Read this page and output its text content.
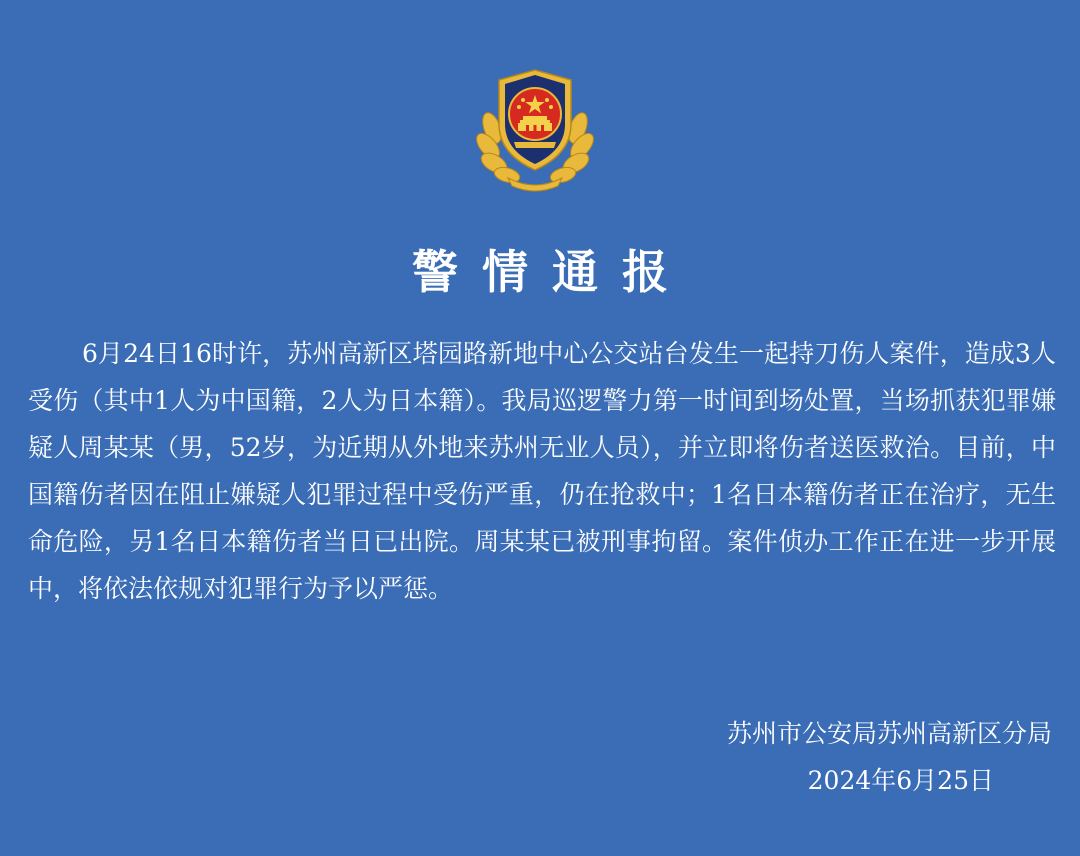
警情通报

6月24日16时许，苏州高新区塔园路新地中心公交站台发生一起持刀伤人案件，造成3人受伤（其中1人为中国籍，2人为日本籍）。我局巡逻警力第一时间到场处置，当场抓获犯罪嫌疑人周某某（男，52岁，为近期从外地来苏州无业人员），并立即将伤者送医救治。目前，中国籍伤者因在阻止嫌疑人犯罪过程中受伤严重，仍在抢救中；1名日本籍伤者正在治疗，无生命危险，另1名日本籍伤者当日已出院。周某某已被刑事拘留。案件侦办工作正在进一步开展中，将依法依规对犯罪行为予以严惩。

苏州市公安局苏州高新区分局
2024年6月25日
